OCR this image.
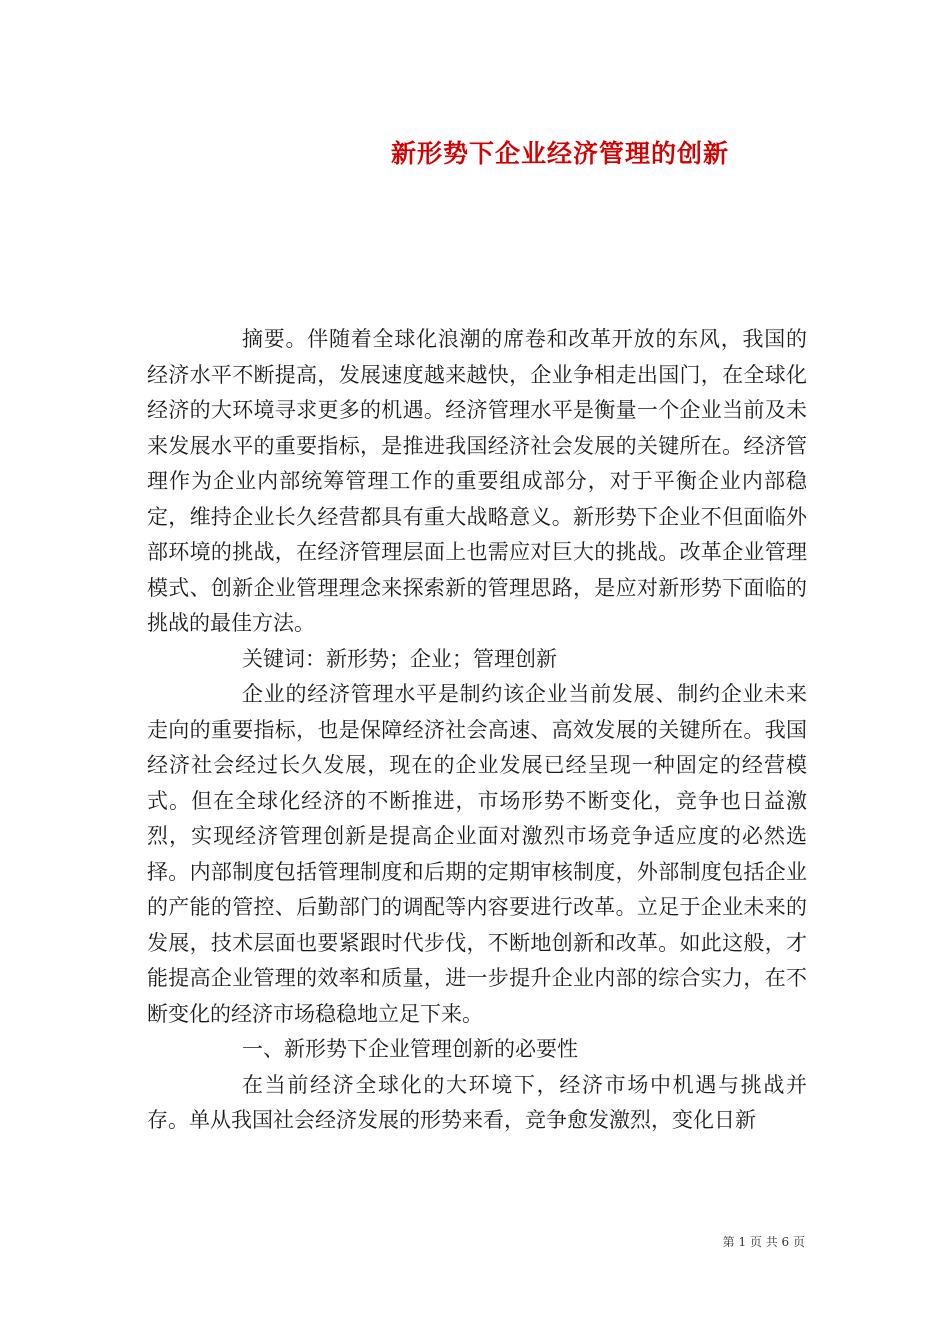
新形势下企业经济管理的创新

摘要。伴随着全球化浪潮的席卷和改革开放的东风，我国的经济水平不断提高，发展速度越来越快，企业争相走出国门，在全球化经济的大环境寻求更多的机遇。经济管理水平是衡量一个企业当前及未来发展水平的重要指标，是推进我国经济社会发展的关键所在。经济管理作为企业内部统筹管理工作的重要组成部分，对于平衡企业内部稳定，维持企业长久经营都具有重大战略意义。新形势下企业不但面临外部环境的挑战，在经济管理层面上也需应对巨大的挑战。改革企业管理模式、创新企业管理理念来探索新的管理思路，是应对新形势下面临的挑战的最佳方法。

关键词：新形势；企业；管理创新

企业的经济管理水平是制约该企业当前发展、制约企业未来走向的重要指标，也是保障经济社会高速、高效发展的关键所在。我国经济社会经过长久发展，现在的企业发展已经呈现一种固定的经营模式。但在全球化经济的不断推进，市场形势不断变化，竞争也日益激烈，实现经济管理创新是提高企业面对激烈市场竞争适应度的必然选择。内部制度包括管理制度和后期的定期审核制度，外部制度包括企业的产能的管控、后勤部门的调配等内容要进行改革。立足于企业未来的发展，技术层面也要紧跟时代步伐，不断地创新和改革。如此这般，才能提高企业管理的效率和质量，进一步提升企业内部的综合实力，在不断变化的经济市场稳稳地立足下来。

一、新形势下企业管理创新的必要性

在当前经济全球化的大环境下，经济市场中机遇与挑战并存。单从我国社会经济发展的形势来看，竞争愈发激烈，变化日新

第 1 页 共 6 页
